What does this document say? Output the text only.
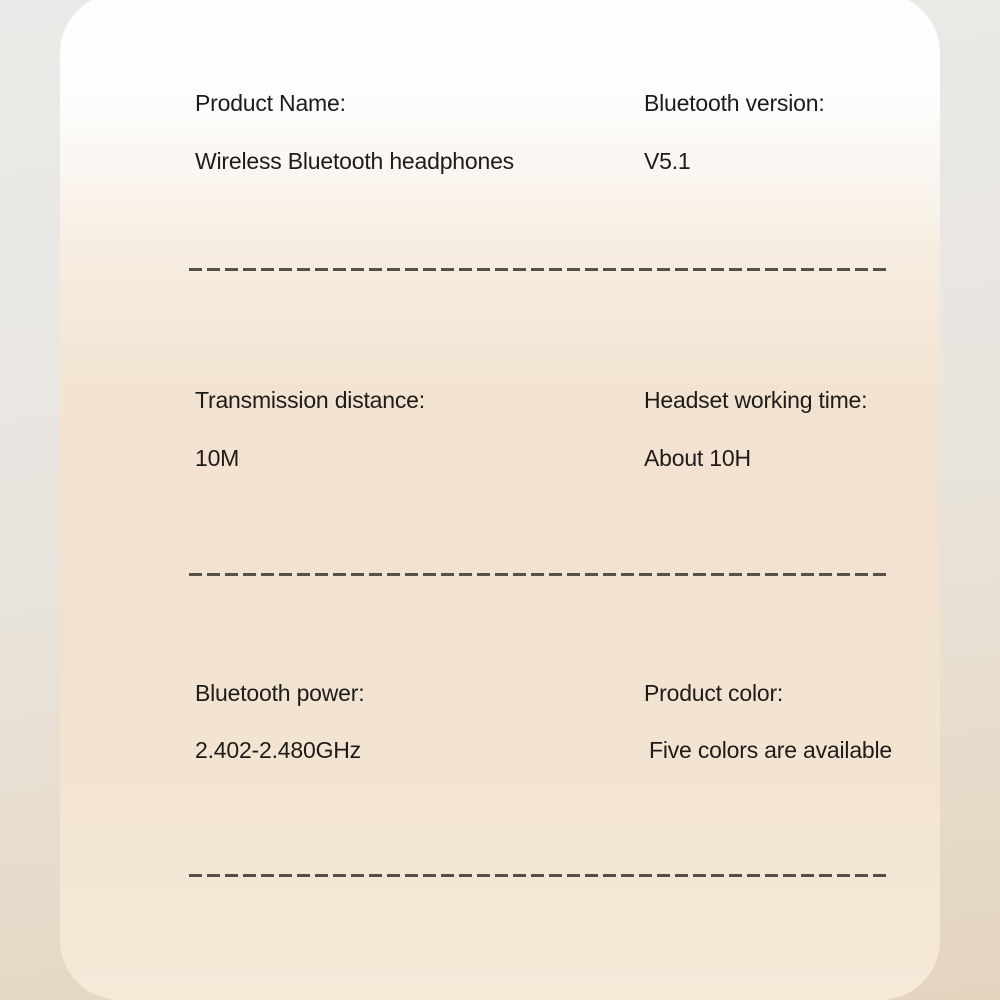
Product Name:	Bluetooth version:
Wireless Bluetooth headphones	V5.1
Transmission distance:	Headset working time:
10M	About 10H
Bluetooth power:	Product color:
2.402-2.480GHz	Five colors are available
